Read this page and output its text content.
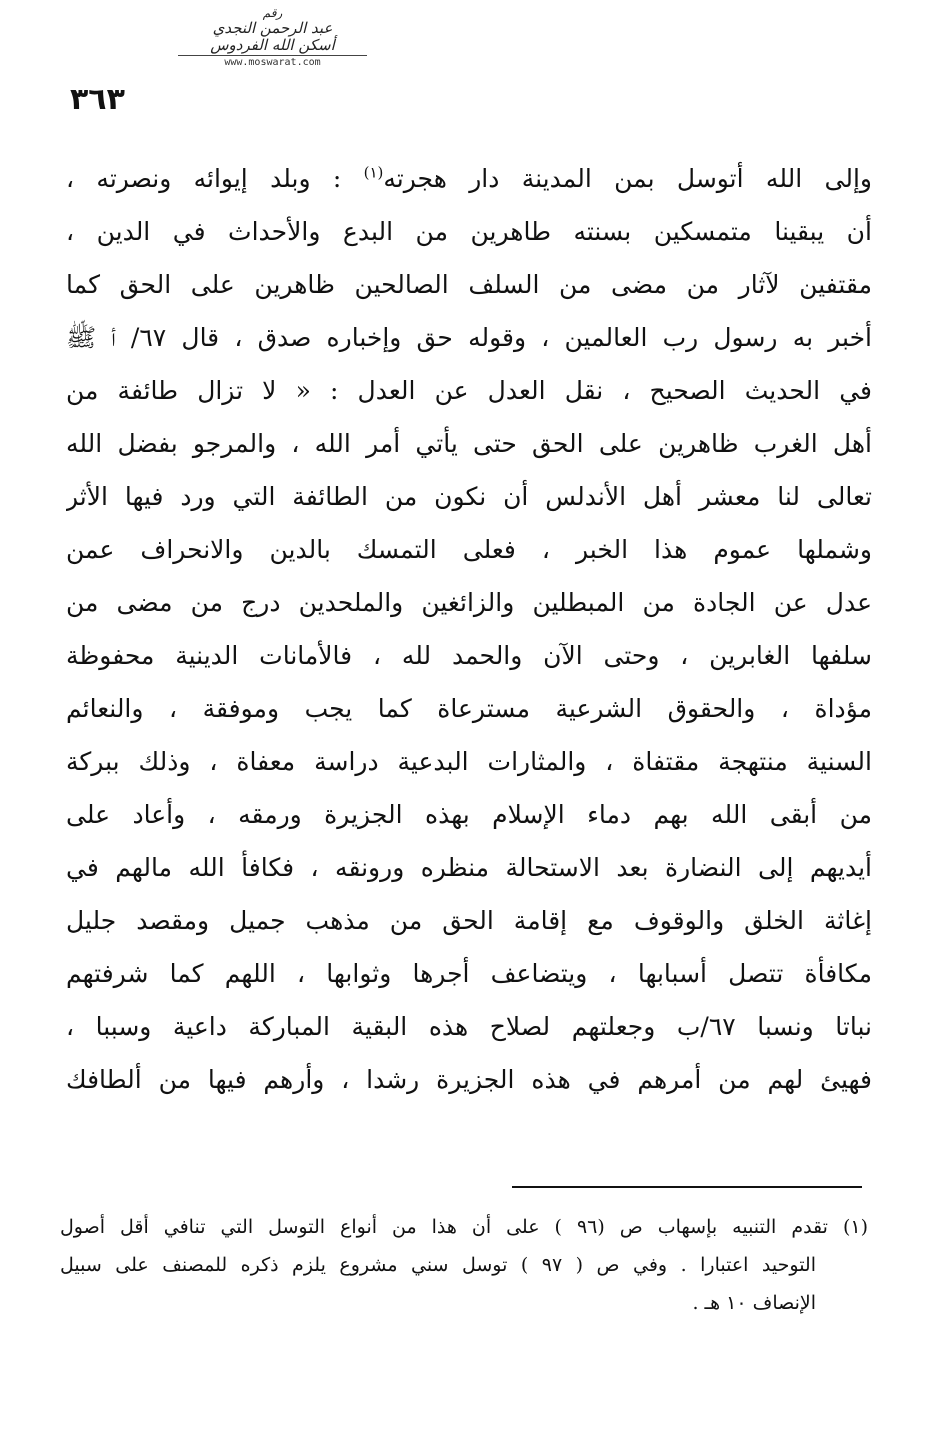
رقم
عبد الرحمن النجدي
أسكن الله الفردوس
www.moswarat.com
٣٦٣
وإلى الله أتوسل بمن المدينة دار هجرته$^{(١)}$ : وبلد إيوائه ونصرته ،
أن يبقينا متمسكين بسنته طاهرين من البدع والأحداث في الدين ،
مقتفين لآثار من مضى من السلف الصالحين ظاهرين على الحق كما
أخبر به رسول رب العالمين ، وقوله حق وإخباره صدق ، قال ٦٧/ أ ﷺ
في الحديث الصحيح ، نقل العدل عن العدل : « لا تزال طائفة من
أهل الغرب ظاهرين على الحق حتى يأتي أمر الله ، والمرجو بفضل الله
تعالى لنا معشر أهل الأندلس أن نكون من الطائفة التي ورد فيها الأثر
وشملها عموم هذا الخبر ، فعلى التمسك بالدين والانحراف عمن
عدل عن الجادة من المبطلين والزائغين والملحدين درج من مضى من
سلفها الغابرين ، وحتى الآن والحمد لله ، فالأمانات الدينية محفوظة
مؤداة ، والحقوق الشرعية مسترعاة كما يجب وموفقة ، والنعائم
السنية منتهجة مقتفاة ، والمثارات البدعية دراسة معفاة ، وذلك ببركة
من أبقى الله بهم دماء الإسلام بهذه الجزيرة ورمقه ، وأعاد على
أيديهم إلى النضارة بعد الاستحالة منظره ورونقه ، فكافأ الله مالهم في
إغاثة الخلق والوقوف مع إقامة الحق من مذهب جميل ومقصد جليل
مكافأة تتصل أسبابها ، ويتضاعف أجرها وثوابها ، اللهم كما شرفتهم
نباتا ونسبا ٦٧/ب وجعلتهم لصلاح هذه البقية المباركة داعية وسببا ،
فهيئ لهم من أمرهم في هذه الجزيرة رشدا ، وأرهم فيها من ألطافك
(١) تقدم التنبيه بإسهاب ص (٩٦ ) على أن هذا من أنواع التوسل التي تنافي أقل أصول
التوحيد اعتبارا . وفي ص ( ٩٧ ) توسل سني مشروع يلزم ذكره للمصنف على سبيل
الإنصاف ١٠ هـ .
